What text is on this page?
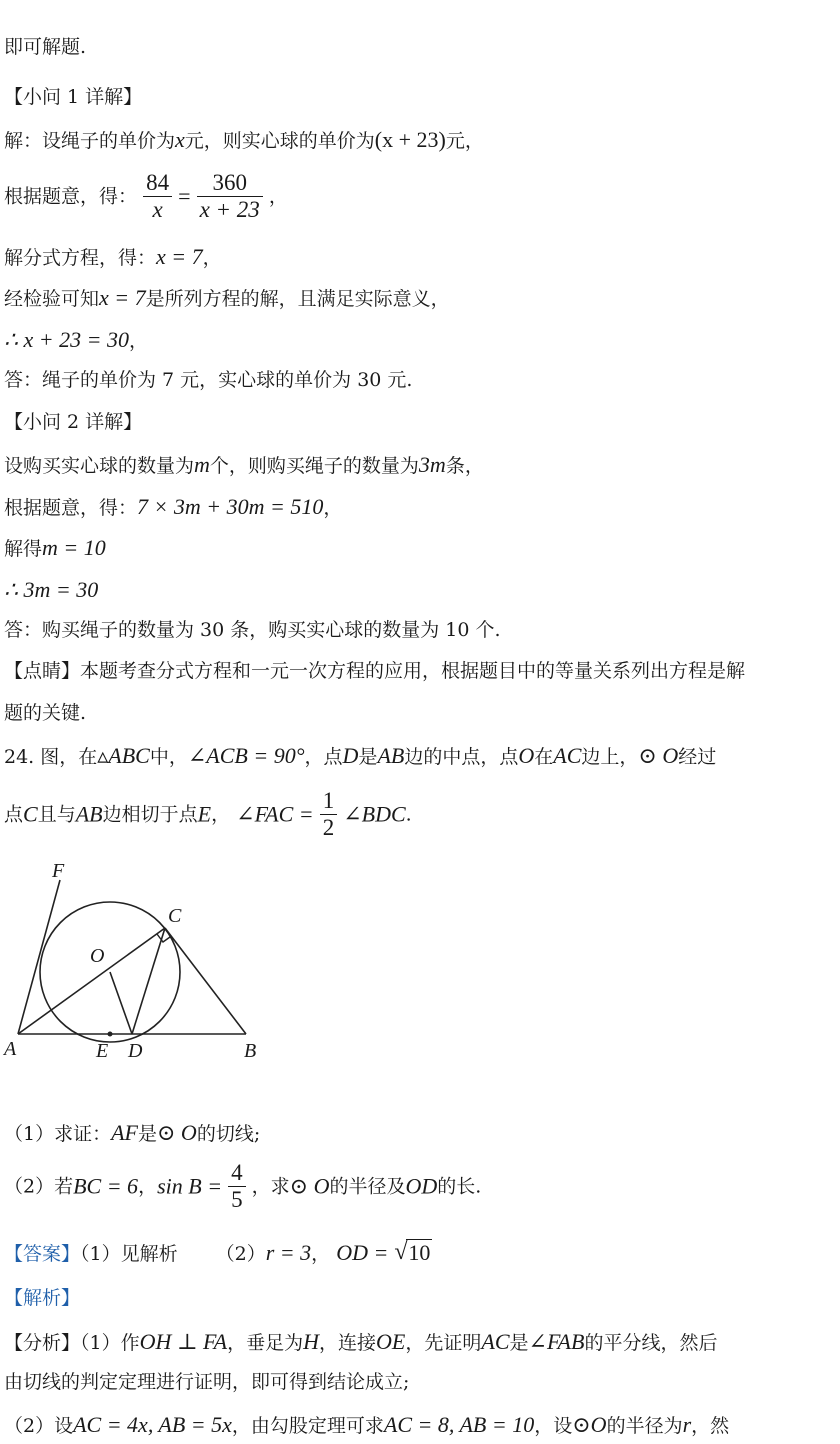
即可解题.
【小问 1 详解】
解：设绳子的单价为x元，则实心球的单价为(x + 23)元，
根据题意，得： $\frac{84}{x} = \frac{360}{x + 23}$ ，
解分式方程，得：x = 7，
经检验可知x = 7是所列方程的解，且满足实际意义，
∴ x + 23 = 30，
答：绳子的单价为 7 元，实心球的单价为 30 元.
【小问 2 详解】
设购买实心球的数量为m个，则购买绳子的数量为3m条，
根据题意，得：7 × 3m + 30m = 510，
解得m = 10
∴ 3m = 30
答：购买绳子的数量为 30 条，购买实心球的数量为 10 个.
【点睛】本题考查分式方程和一元一次方程的应用，根据题目中的等量关系列出方程是解
题的关键.
24. 图，在▵ABC中，∠ACB = 90°，点D是AB边的中点，点O在AC边上，⊙ O经过
点C且与AB边相切于点E， ∠FAC = $\frac{1}{2}$ ∠BDC.
F
C
O
A	E D	B
（1）求证：AF是⊙ O的切线;
（2）若BC = 6，$\sin B = \frac{4}{5}$ ，求⊙ O的半径及OD的长.
【答案】（1）见解析 （2）r = 3， OD = √ 10
【解析】
【分析】（1）作OH ⊥ FA，垂足为H，连接OE，先证明AC是∠FAB的平分线，然后
由切线的判定定理进行证明，即可得到结论成立;
（2）设AC = 4x, AB = 5x，由勾股定理可求AC = 8, AB = 10，设⊙O的半径为r，然
